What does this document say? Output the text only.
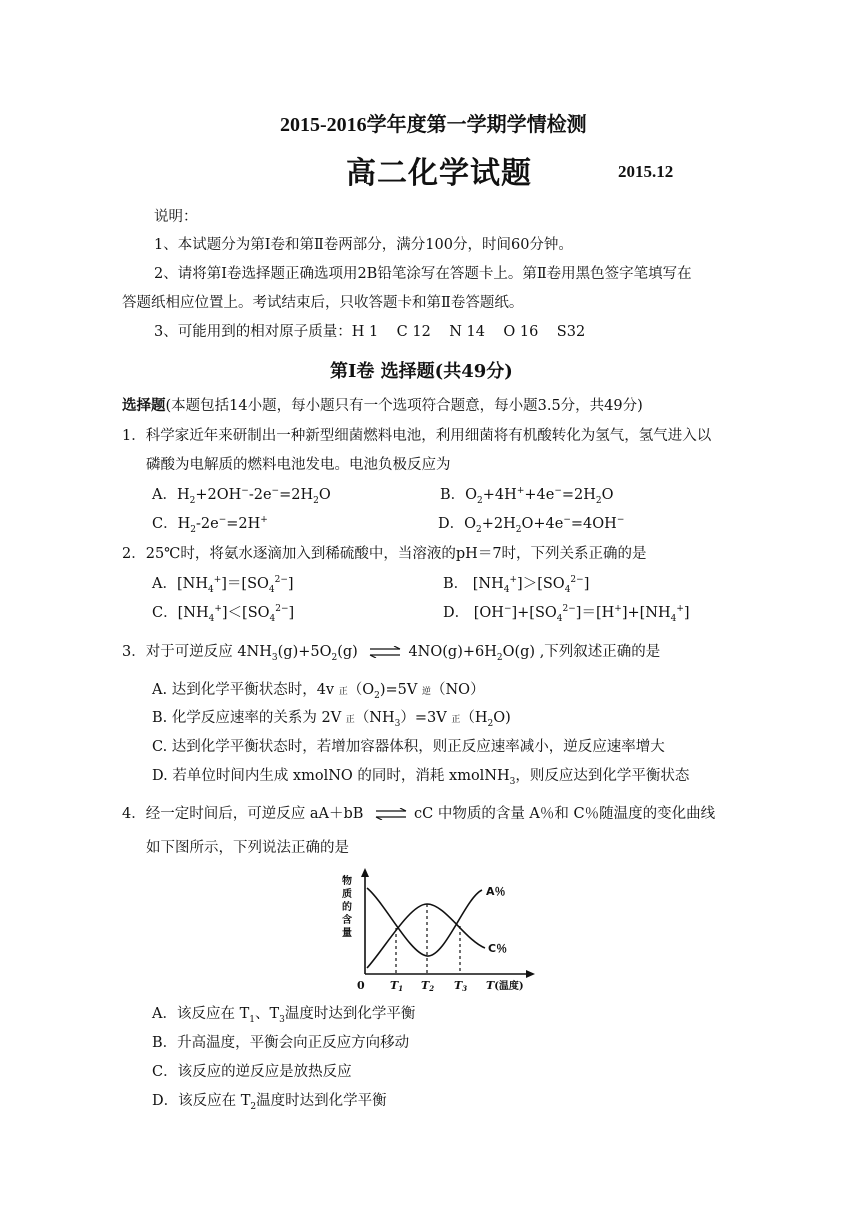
2015-2016学年度第一学期学情检测
高二化学试题	2015.12
说明：
1、本试题分为第Ⅰ卷和第Ⅱ卷两部分，满分100分，时间60分钟。
2、请将第Ⅰ卷选择题正确选项用2B铅笔涂写在答题卡上。第Ⅱ卷用黑色签字笔填写在
答题纸相应位置上。考试结束后，只收答题卡和第Ⅱ卷答题纸。
3、可能用到的相对原子质量：H 1    C 12    N 14    O 16    S32
第Ⅰ卷 选择题(共49分)
选择题(本题包括14小题，每小题只有一个选项符合题意，每小题3.5分，共49分)
1．科学家近年来研制出一种新型细菌燃料电池，利用细菌将有机酸转化为氢气，氢气进入以
磷酸为电解质的燃料电池发电。电池负极反应为
A．$H_2+2OH^--2e^-=2H_2O$	B．$O_2+4H^++4e^-=2H_2O$
C．$H_2-2e^-=2H^+$	D．$O_2+2H_2O+4e^-=4OH^-$
2．25℃时，将氨水逐滴加入到稀硫酸中，当溶液的pH＝7时，下列关系正确的是
A．$[NH_4^+]=[SO_4^{2-}]$	B． $[NH_4^+]>[SO_4^{2-}]$
C．$[NH_4^+]<[SO_4^{2-}]$	D． $[OH^-]+[SO_4^{2-}]=[H^+]+[NH_4^+]$
3．对于可逆反应 $4NH_3(g)+5O_2(g)$ ⇌ $4NO(g)+6H_2O(g)$ ,下列叙述正确的是
A. 达到化学平衡状态时，4v 正$(O_2)=5V$ 逆（NO）
B. 化学反应速率的关系为 2V 正$(NH_3)=3V$ 正$(H_2O)$
C. 达到化学平衡状态时，若增加容器体积，则正反应速率减小，逆反应速率增大
D. 若单位时间内生成 xmolNO 的同时，消耗 xmolNH$_3$，则反应达到化学平衡状态
4．经一定时间后，可逆反应 aA＋bB ⇌ cC 中物质的含量 A％和 C％随温度的变化曲线
如下图所示，下列说法正确的是
物
质
的
含
量
A％
C％
0 T1 T2 T3 T(温度)
A．该反应在 $T_1$、$T_3$温度时达到化学平衡
B．升高温度，平衡会向正反应方向移动
C．该反应的逆反应是放热反应
D．该反应在 $T_2$温度时达到化学平衡
